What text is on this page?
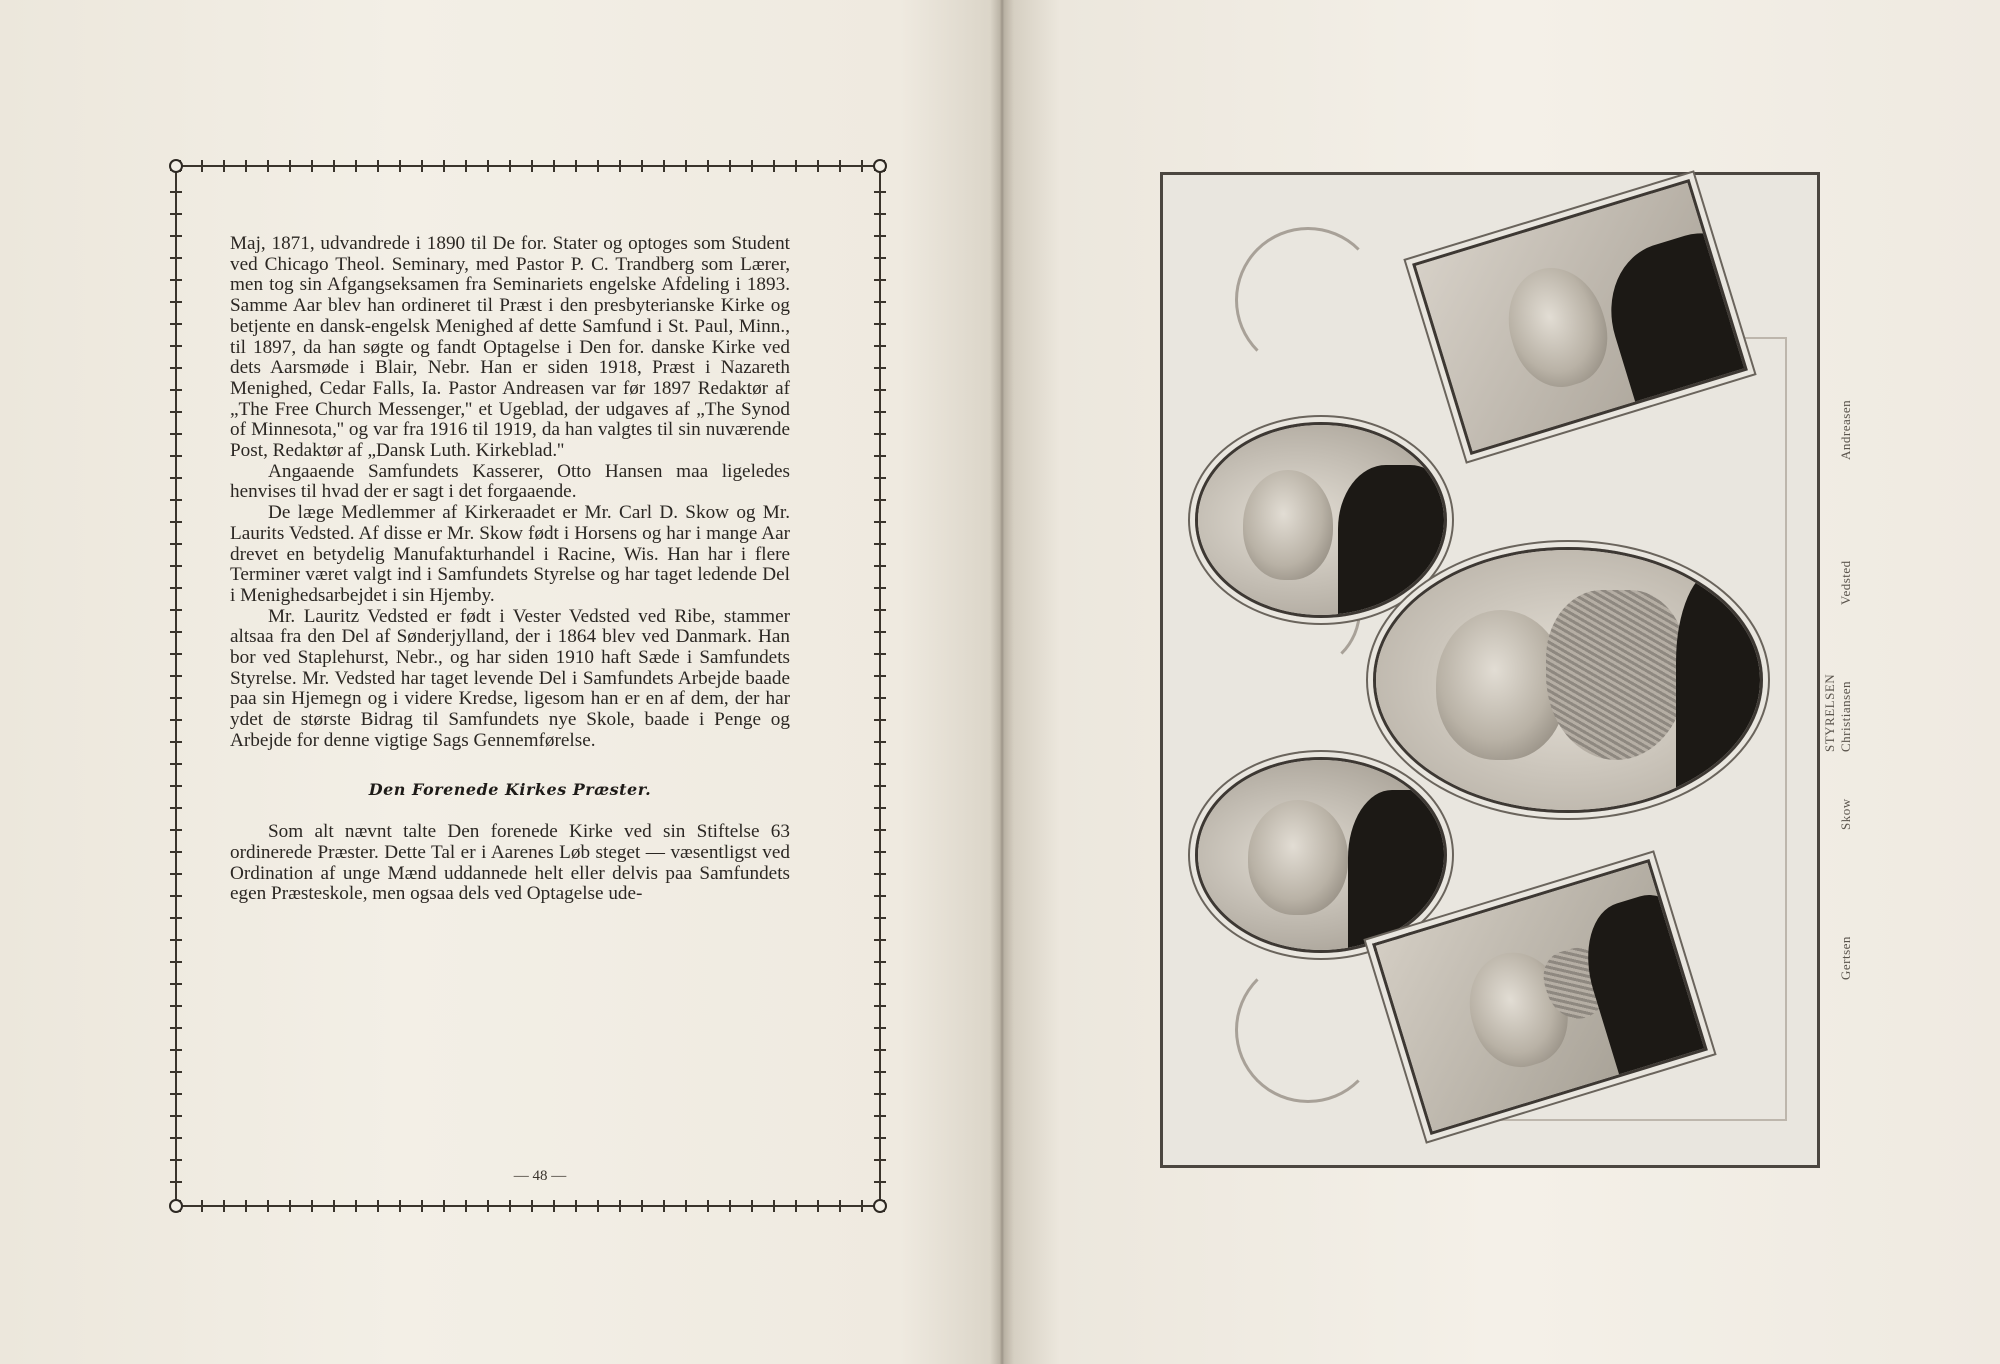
Maj, 1871, udvandrede i 1890 til De for. Stater og optoges som Student ved Chicago Theol. Seminary, med Pastor P. C. Trandberg som Lærer, men tog sin Afgangseksamen fra Seminariets engelske Afdeling i 1893. Samme Aar blev han ordineret til Præst i den presbyterianske Kirke og betjente en dansk-engelsk Menighed af dette Samfund i St. Paul, Minn., til 1897, da han søgte og fandt Optagelse i Den for. danske Kirke ved dets Aarsmøde i Blair, Nebr. Han er siden 1918, Præst i Nazareth Menighed, Cedar Falls, Ia. Pastor Andreasen var før 1897 Redaktør af „The Free Church Messenger,'' et Ugeblad, der udgaves af „The Synod of Minnesota,'' og var fra 1916 til 1919, da han valgtes til sin nuværende Post, Redaktør af „Dansk Luth. Kirkeblad.''

Angaaende Samfundets Kasserer, Otto Hansen maa ligeledes henvises til hvad der er sagt i det forgaaende.

De læge Medlemmer af Kirkeraadet er Mr. Carl D. Skow og Mr. Laurits Vedsted. Af disse er Mr. Skow født i Horsens og har i mange Aar drevet en betydelig Manufakturhandel i Racine, Wis. Han har i flere Terminer været valgt ind i Samfundets Styrelse og har taget ledende Del i Menighedsarbejdet i sin Hjemby.

Mr. Lauritz Vedsted er født i Vester Vedsted ved Ribe, stammer altsaa fra den Del af Sønderjylland, der i 1864 blev ved Danmark. Han bor ved Staplehurst, Nebr., og har siden 1910 haft Sæde i Samfundets Styrelse. Mr. Vedsted har taget levende Del i Samfundets Arbejde baade paa sin Hjemegn og i videre Kredse, ligesom han er en af dem, der har ydet de største Bidrag til Samfundets nye Skole, baade i Penge og Arbejde for denne vigtige Sags Gennemførelse.

Den Forenede Kirkes Præster.

Som alt nævnt talte Den forenede Kirke ved sin Stiftelse 63 ordinerede Præster. Dette Tal er i Aarenes Løb steget — væsentligst ved Ordination af unge Mænd uddannede helt eller delvis paa Samfundets egen Præsteskole, men ogsaa dels ved Optagelse ude-

— 48 —
Andreasen
Vedsted
STYRELSEN Christiansen
Skow
Gertsen
